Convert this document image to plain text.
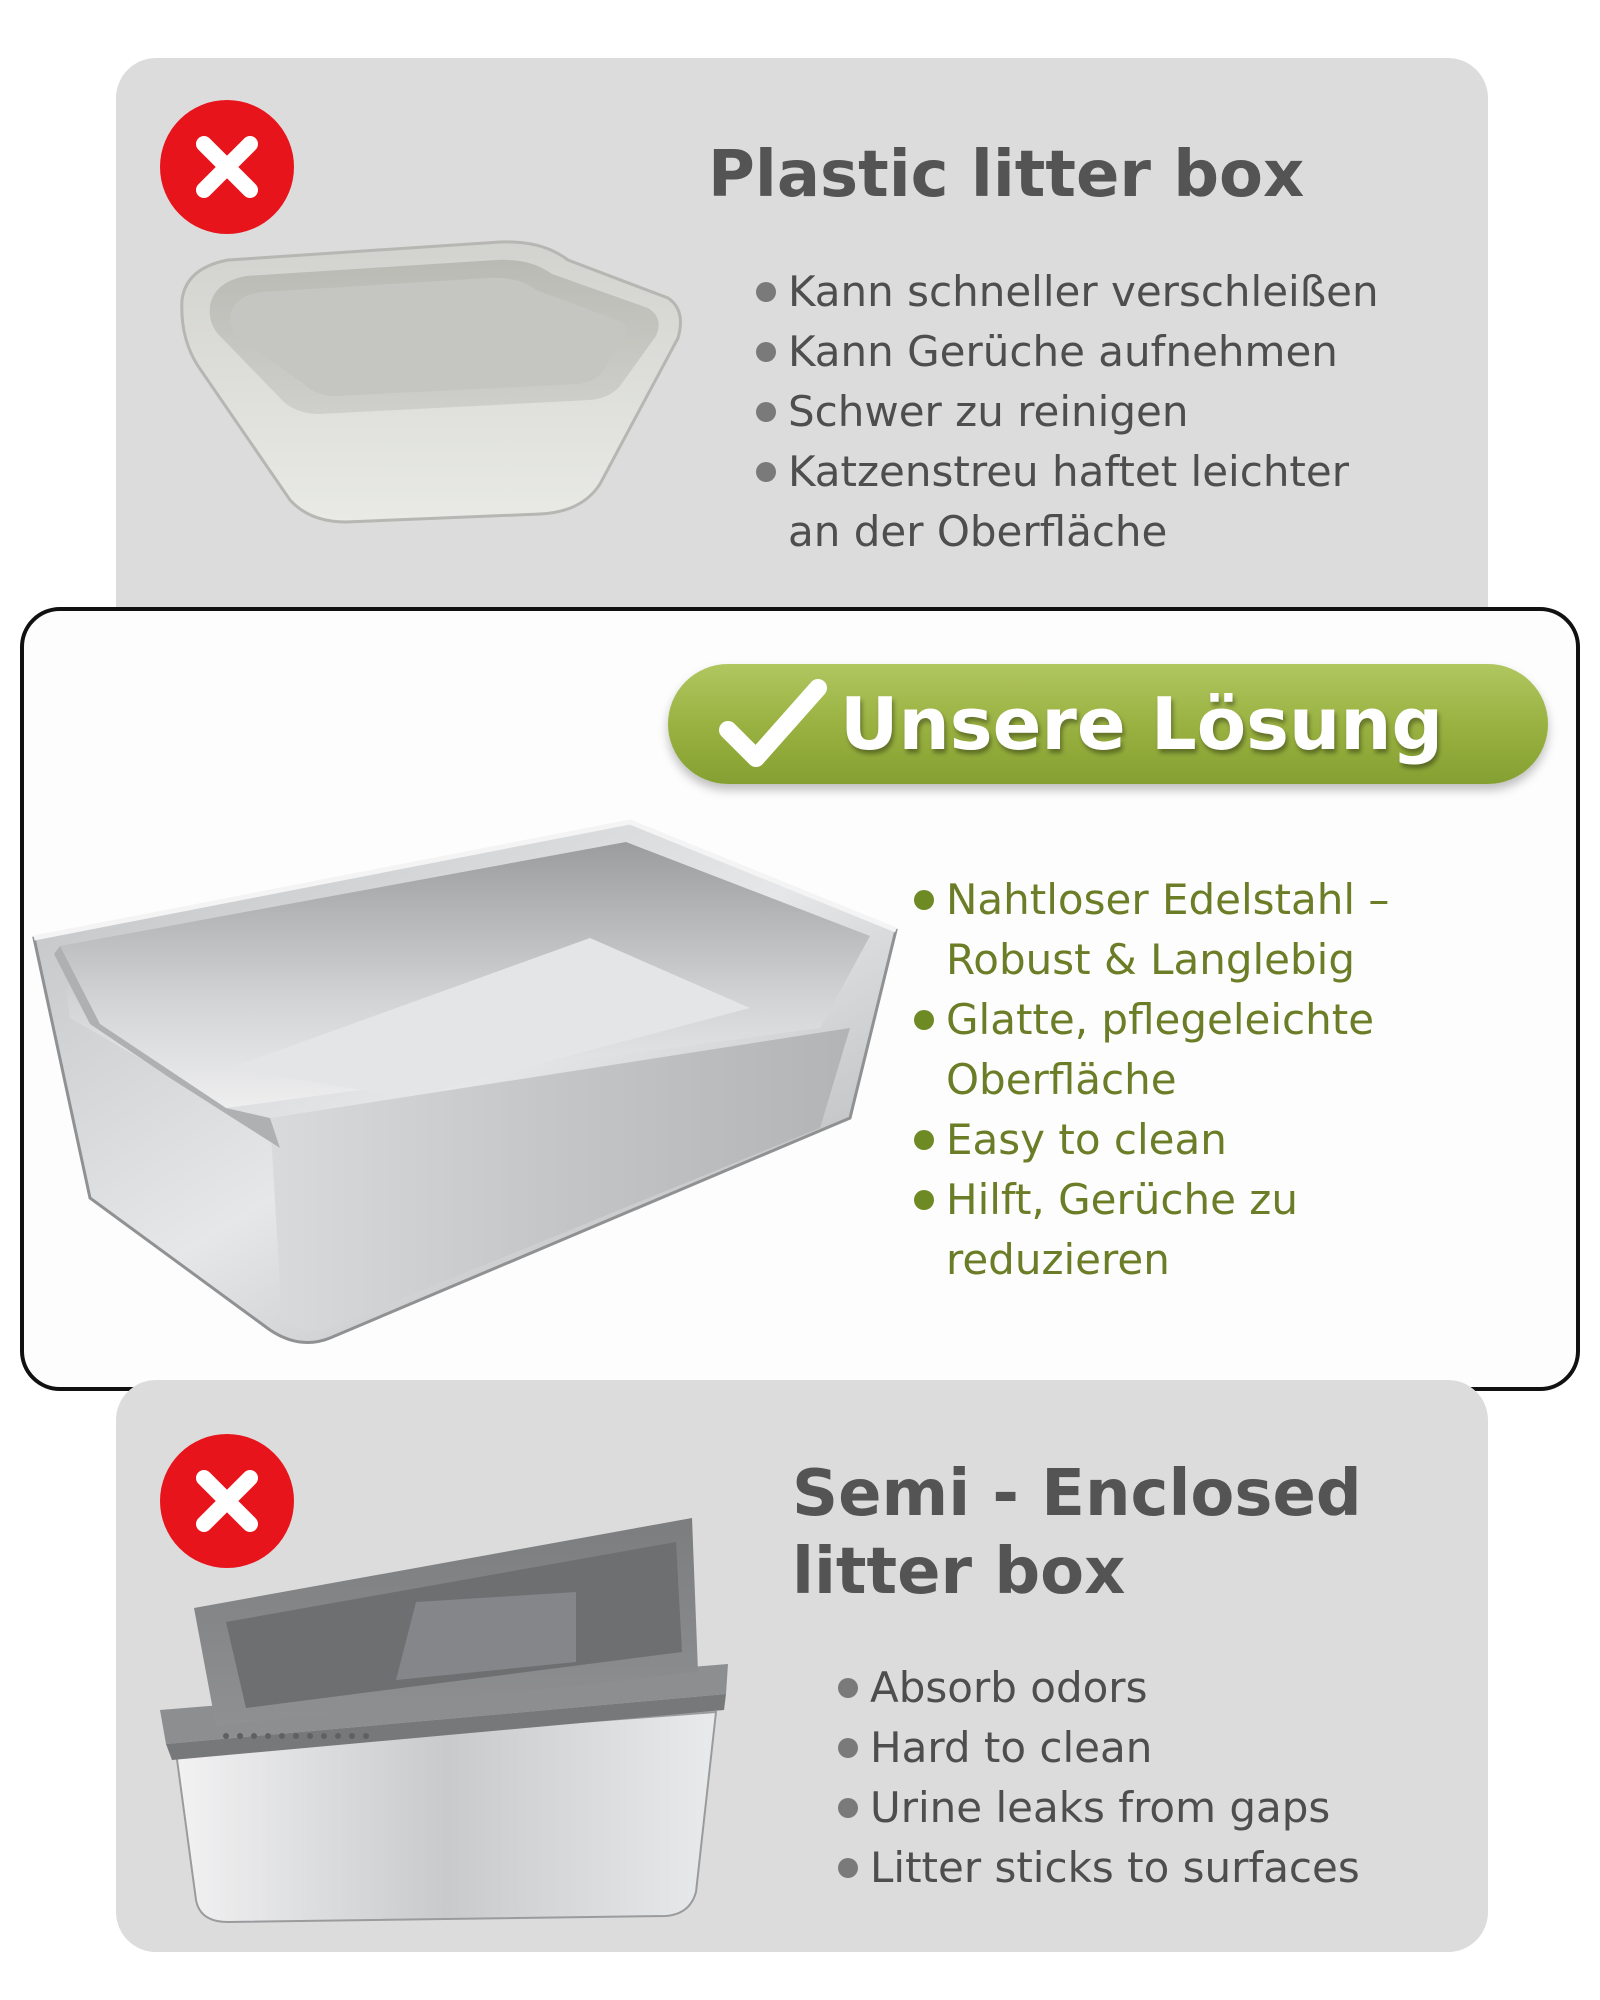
Plastic litter box
Kann schneller verschleißen
Kann Gerüche aufnehmen
Schwer zu reinigen
Katzenstreu haftet leichter
an der Oberfläche
Unsere Lösung
Nahtloser Edelstahl –
Robust & Langlebig
Glatte, pflegeleichte
Oberfläche
Easy to clean
Hilft, Gerüche zu
reduzieren
Semi - Enclosed
litter box
Absorb odors
Hard to clean
Urine leaks from gaps
Litter sticks to surfaces
